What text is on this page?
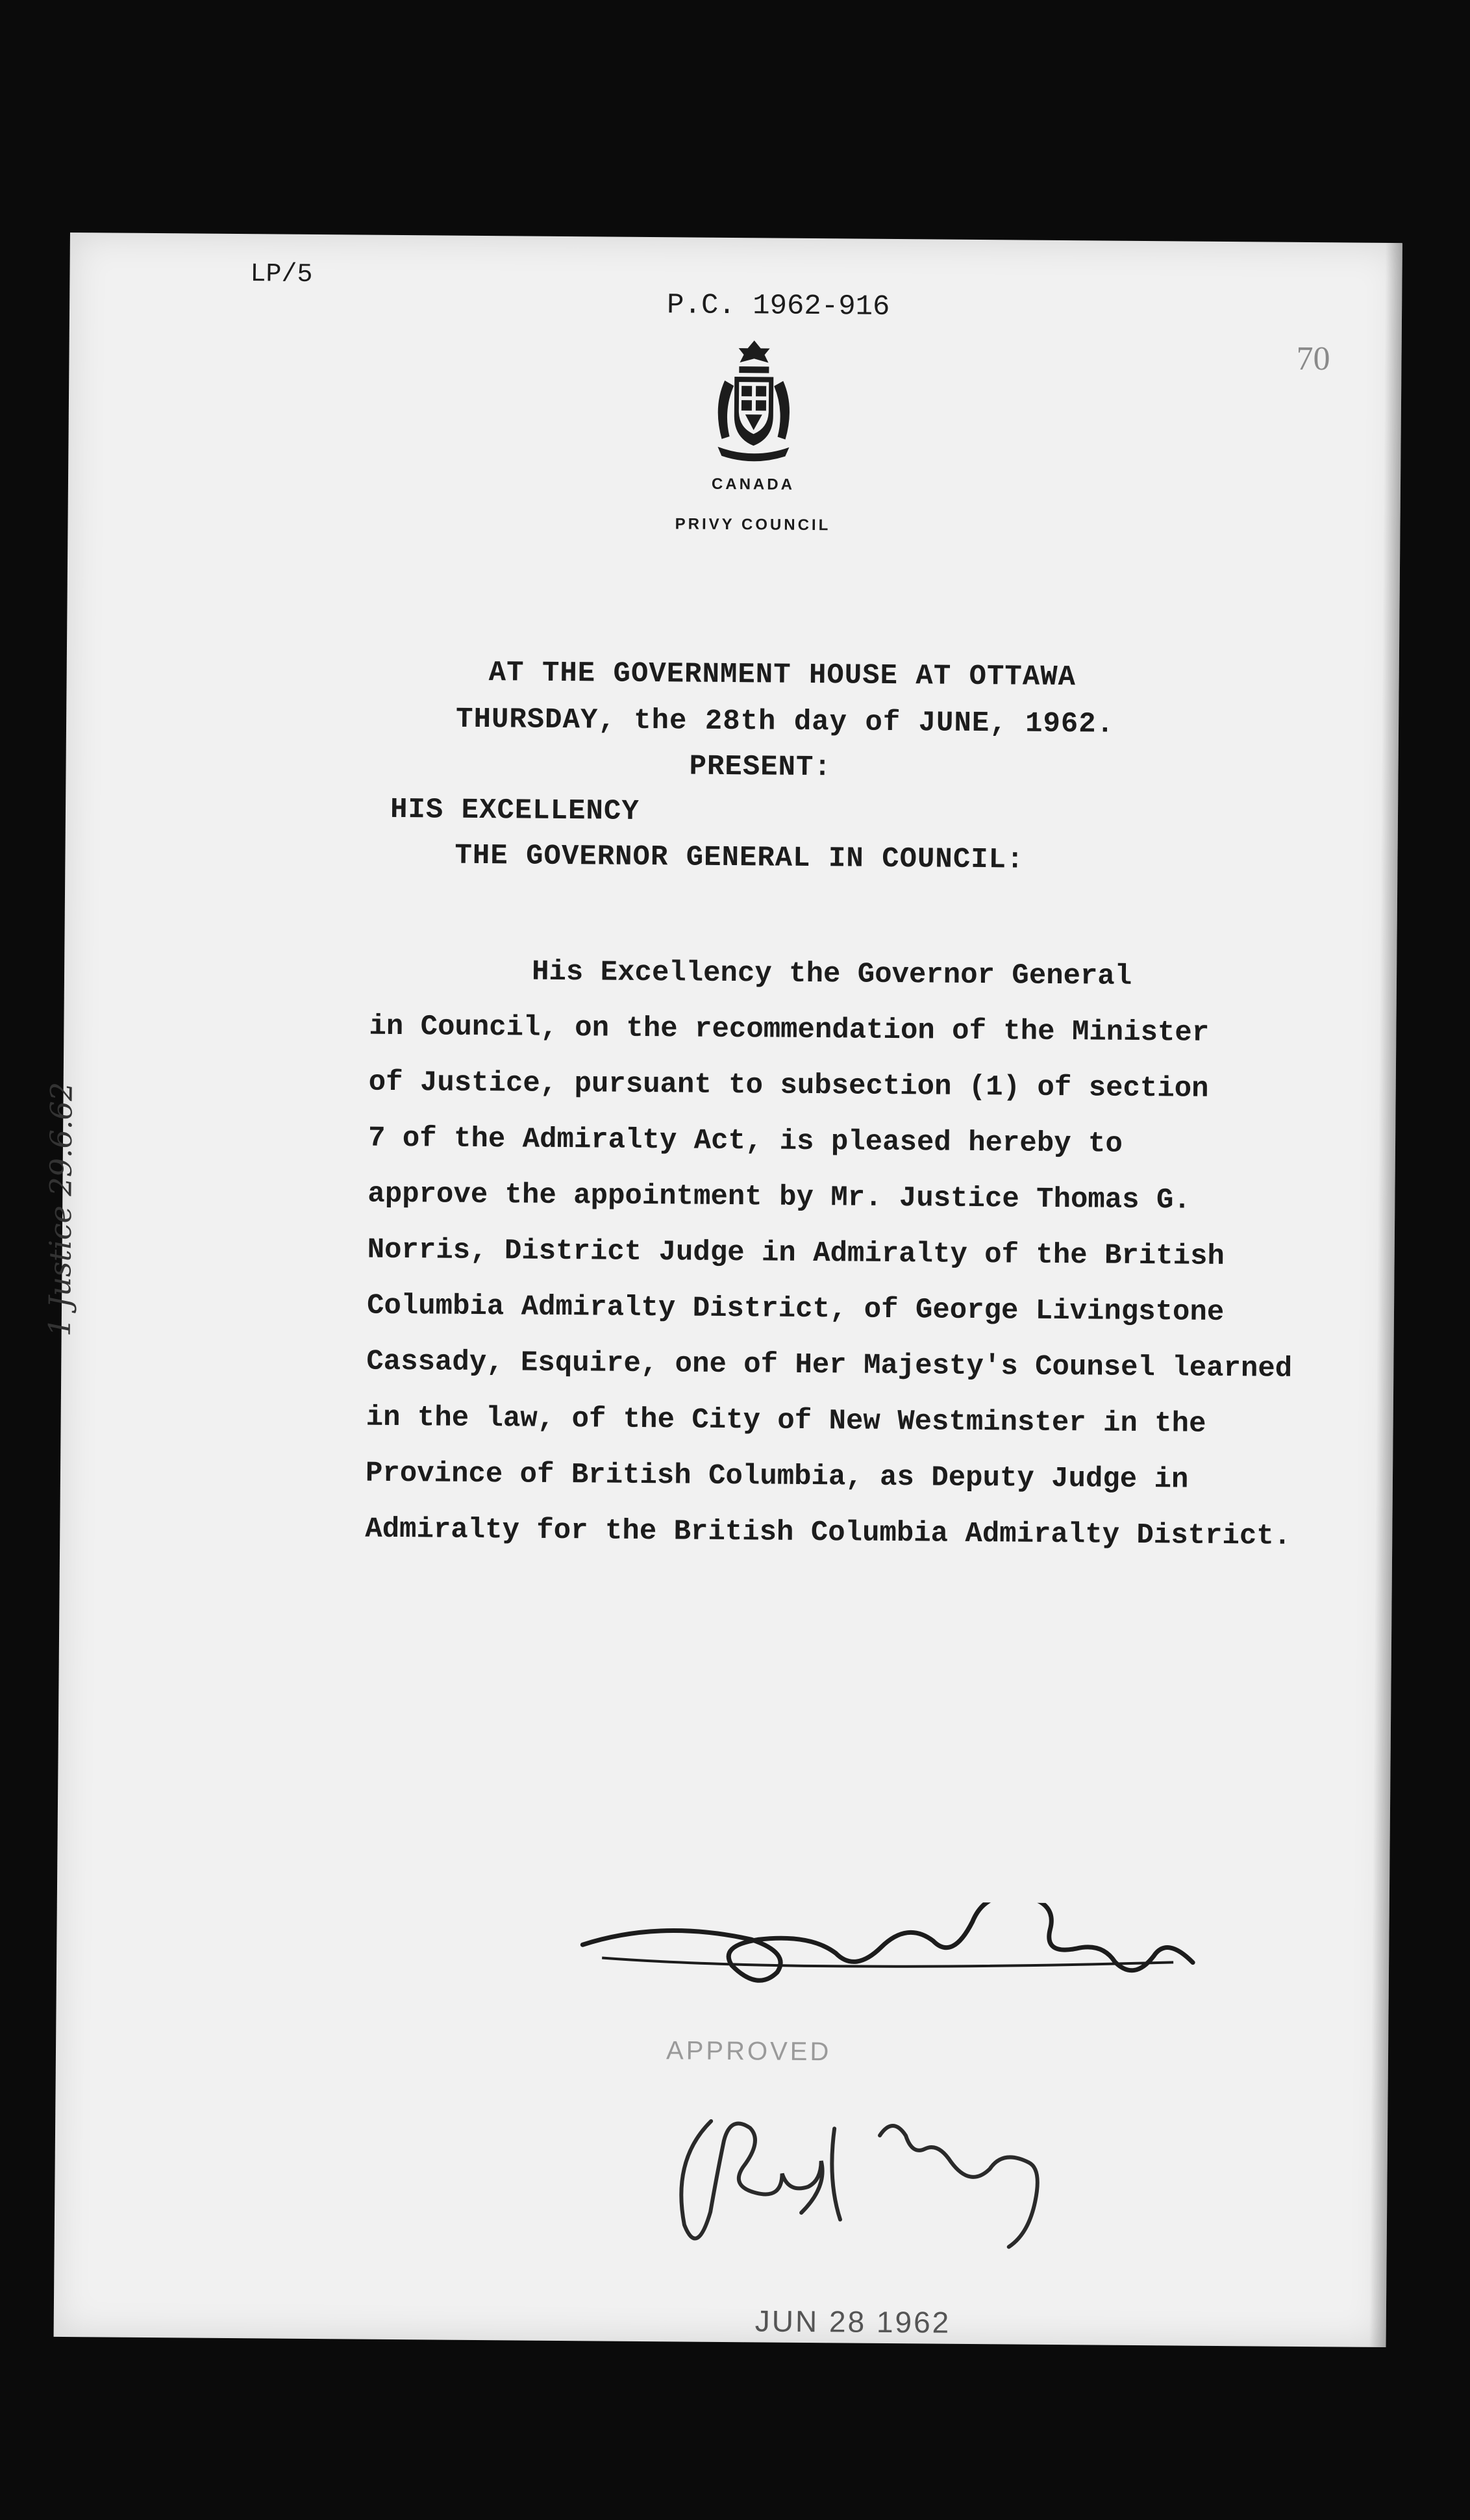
LP/5
P.C. 1962-916
70
CANADA
PRIVY COUNCIL
AT THE GOVERNMENT HOUSE AT OTTAWA
THURSDAY, the 28th day of JUNE, 1962.
PRESENT:
HIS EXCELLENCY
THE GOVERNOR GENERAL IN COUNCIL:
His Excellency the Governor General
in Council, on the recommendation of the Minister
of Justice, pursuant to subsection (1) of section
7 of the Admiralty Act, is pleased hereby to
approve the appointment by Mr. Justice Thomas G.
Norris, District Judge in Admiralty of the British
Columbia Admiralty District, of George Livingstone
Cassady, Esquire, one of Her Majesty's Counsel learned
in the law, of the City of New Westminster in the
Province of British Columbia, as Deputy Judge in
Admiralty for the British Columbia Admiralty District.
1 Justice 29.6.62
APPROVED
JUN 28 1962
